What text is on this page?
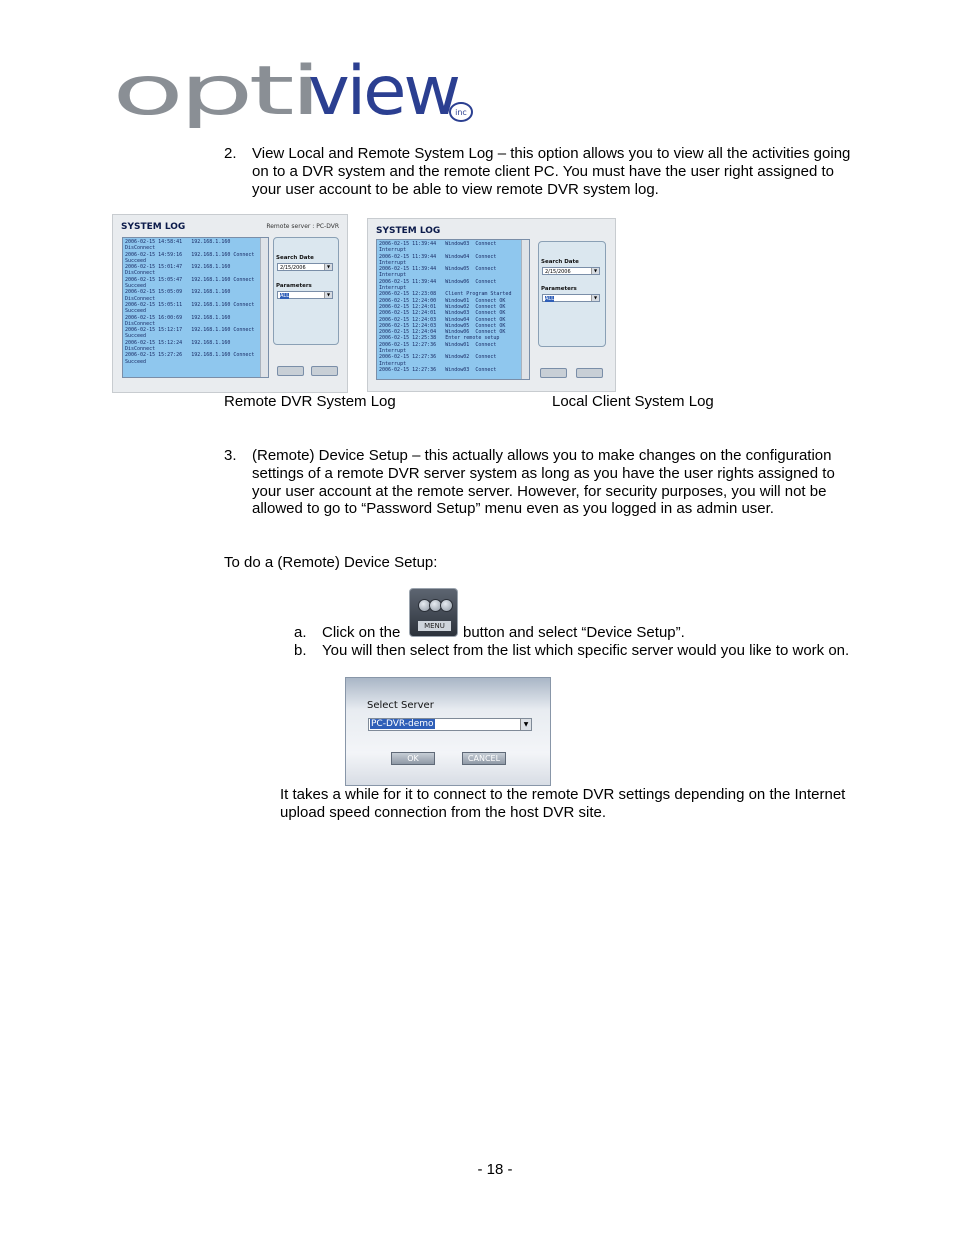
opti
view
inc
2. View Local and Remote System Log – this option allows you to view all the activities going
on to a DVR system and the remote client PC. You must have the user right assigned to
your user account to be able to view remote DVR system log.
SYSTEM LOG	Remote server : PC-DVR
2006-02-15 14:58:41   192.168.1.160
DisConnect
2006-02-15 14:59:16   192.168.1.160 Connect
Succeed
2006-02-15 15:01:47   192.168.1.160
DisConnect
2006-02-15 15:05:47   192.168.1.160 Connect
Succeed
2006-02-15 15:05:09   192.168.1.160
DisConnect
2006-02-15 15:05:11   192.168.1.160 Connect
Succeed
2006-02-15 16:00:69   192.168.1.160
DisConnect
2006-02-15 15:12:17   192.168.1.160 Connect
Succeed
2006-02-15 15:12:24   192.168.1.160
DisConnect
2006-02-15 15:27:26   192.168.1.160 Connect
Succeed
Search Date
2/15/2006	▼
Parameters
ALL	▼
SYSTEM LOG
2006-02-15 11:39:44   Window03  Connect
Interrupt
2006-02-15 11:39:44   Window04  Connect
Interrupt
2006-02-15 11:39:44   Window05  Connect
Interrupt
2006-02-15 11:39:44   Window06  Connect
Interrupt
2006-02-15 12:23:08   Client Program Started
2006-02-15 12:24:00   Window01  Connect OK
2006-02-15 12:24:01   Window02  Connect OK
2006-02-15 12:24:01   Window03  Connect OK
2006-02-15 12:24:03   Window04  Connect OK
2006-02-15 12:24:03   Window05  Connect OK
2006-02-15 12:24:04   Window06  Connect OK
2006-02-15 12:25:38   Enter remote setup
2006-02-15 12:27:36   Window01  Connect
Interrupt
2006-02-15 12:27:36   Window02  Connect
Interrupt
2006-02-15 12:27:36   Window03  Connect
Search Date
2/15/2006	▼
Parameters
ALL	▼
Remote DVR System Log	Local Client System Log
3. (Remote) Device Setup – this actually allows you to make changes on the configuration
settings of a remote DVR server system as long as you have the user rights assigned to
your user account at the remote server. However, for security purposes, you will not be
allowed to go to “Password Setup” menu even as you logged in as admin user.
To do a (Remote) Device Setup:
a. Click on the	MENU	button and select “Device Setup”.
b. You will then select from the list which specific server would you like to work on.
Select Server
PC-DVR-demo	▼
OK	CANCEL
It takes a while for it to connect to the remote DVR settings depending on the Internet
upload speed connection from the host DVR site.
- 18 -
